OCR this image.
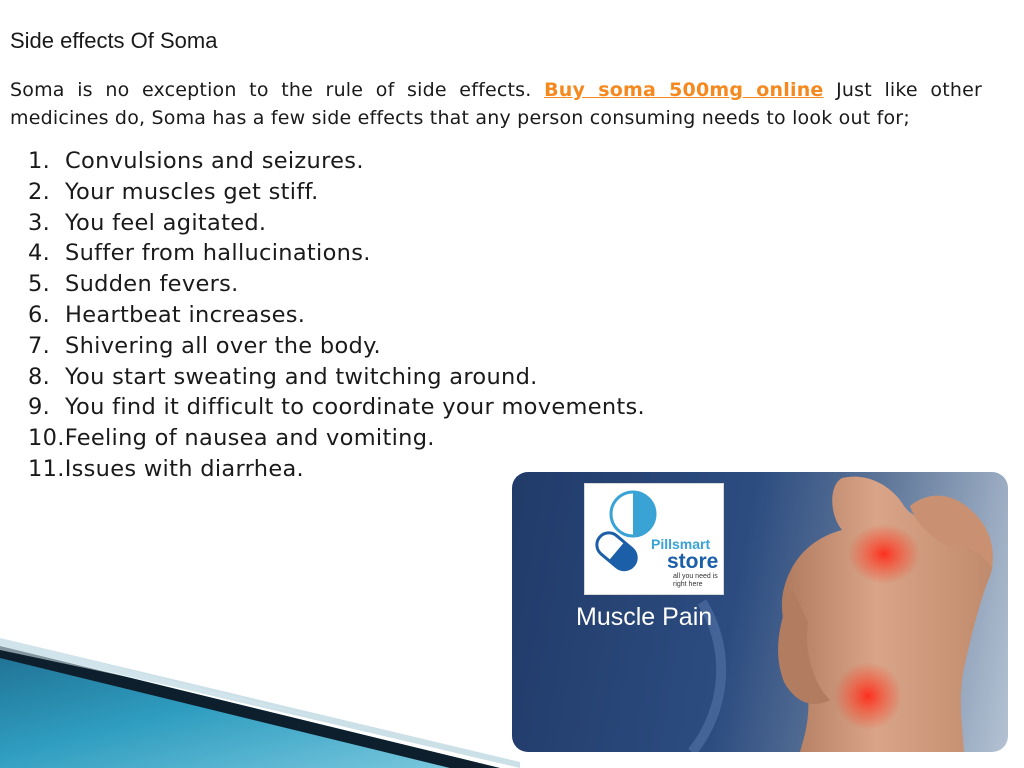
Side effects Of Soma

Soma is no exception to the rule of side effects. Buy soma 500mg online Just like other medicines do, Soma has a few side effects that any person consuming needs to look out for;

1. Convulsions and seizures.
2. Your muscles get stiff.
3. You feel agitated.
4. Suffer from hallucinations.
5. Sudden fevers.
6. Heartbeat increases.
7. Shivering all over the body.
8. You start sweating and twitching around.
9. You find it difficult to coordinate your movements.
10.Feeling of nausea and vomiting.
11.Issues with diarrhea.
Pillsmart
store
all you need is right here
Muscle Pain
